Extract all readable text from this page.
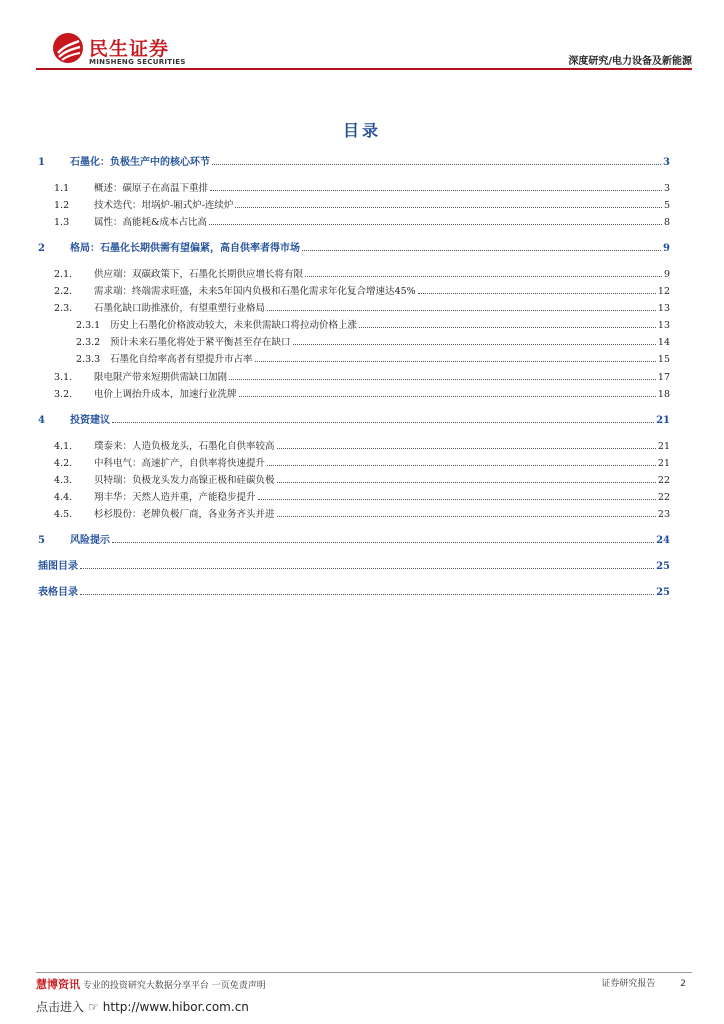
民生证券
MINSHENG SECURITIES	深度研究/电力设备及新能源
目录
1	石墨化：负极生产中的核心环节	3
1.1	概述：碳原子在高温下重排	3
1.2	技术迭代：坩埚炉-厢式炉-连续炉	5
1.3	属性：高能耗&成本占比高	8
2	格局：石墨化长期供需有望偏紧，高自供率者得市场	9
2.1.	供应端：双碳政策下，石墨化长期供应增长将有限	9
2.2.	需求端：终端需求旺盛，未来5年国内负极和石墨化需求年化复合增速达45%	12
2.3.	石墨化缺口助推涨价，有望重塑行业格局	13
2.3.1	历史上石墨化价格波动较大，未来供需缺口将拉动价格上涨	13
2.3.2	预计未来石墨化将处于紧平衡甚至存在缺口	14
2.3.3	石墨化自给率高者有望提升市占率	15
3.1.	限电限产带来短期供需缺口加剧	17
3.2.	电价上调抬升成本，加速行业洗牌	18
4	投资建议	21
4.1.	璞泰来：人造负极龙头，石墨化自供率较高	21
4.2.	中科电气：高速扩产，自供率将快速提升	21
4.3.	贝特瑞：负极龙头发力高镍正极和硅碳负极	22
4.4.	翔丰华：天然人造并重，产能稳步提升	22
4.5.	杉杉股份：老牌负极厂商，各业务齐头并进	23
5	风险提示	24
插图目录	25
表格目录	25
慧博资讯 专业的投资研究大数据分享平台 一页免责声明	证券研究报告	2
点击进入 ☞ http://www.hibor.com.cn
